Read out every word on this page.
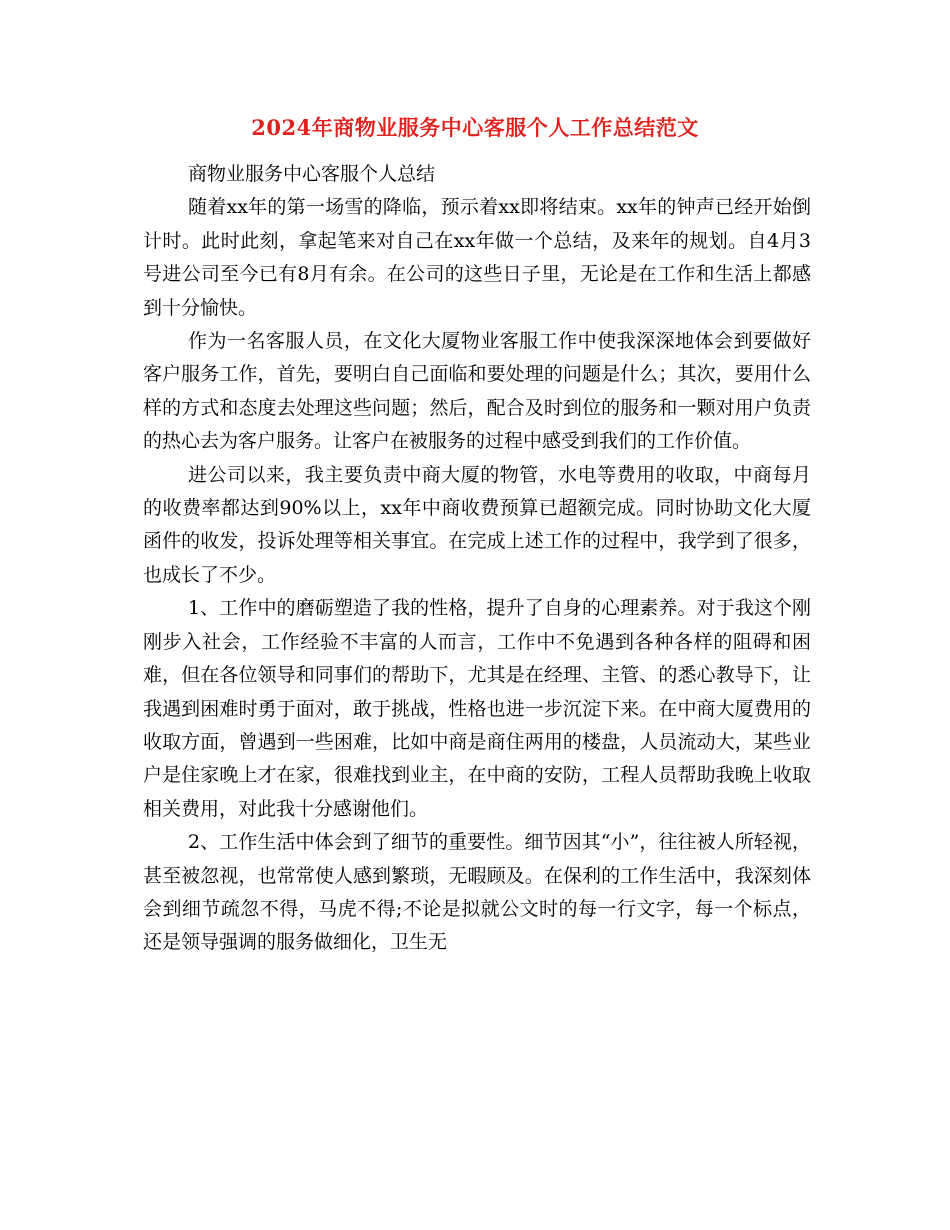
2024年商物业服务中心客服个人工作总结范文

商物业服务中心客服个人总结

随着xx年的第一场雪的降临，预示着xx即将结束。xx年的钟声已经开始倒计时。此时此刻，拿起笔来对自己在xx年做一个总结，及来年的规划。自4月3号进公司至今已有8月有余。在公司的这些日子里，无论是在工作和生活上都感到十分愉快。

作为一名客服人员，在文化大厦物业客服工作中使我深深地体会到要做好客户服务工作，首先，要明白自己面临和要处理的问题是什么；其次，要用什么样的方式和态度去处理这些问题；然后，配合及时到位的服务和一颗对用户负责的热心去为客户服务。让客户在被服务的过程中感受到我们的工作价值。

进公司以来，我主要负责中商大厦的物管，水电等费用的收取，中商每月的收费率都达到90%以上，xx年中商收费预算已超额完成。同时协助文化大厦函件的收发，投诉处理等相关事宜。在完成上述工作的过程中，我学到了很多，也成长了不少。

1、工作中的磨砺塑造了我的性格，提升了自身的心理素养。对于我这个刚刚步入社会，工作经验不丰富的人而言，工作中不免遇到各种各样的阻碍和困难，但在各位领导和同事们的帮助下，尤其是在经理、主管、的悉心教导下，让我遇到困难时勇于面对，敢于挑战，性格也进一步沉淀下来。在中商大厦费用的收取方面，曾遇到一些困难，比如中商是商住两用的楼盘，人员流动大，某些业户是住家晚上才在家，很难找到业主，在中商的安防，工程人员帮助我晚上收取相关费用，对此我十分感谢他们。

2、工作生活中体会到了细节的重要性。细节因其“小”，往往被人所轻视，甚至被忽视，也常常使人感到繁琐，无暇顾及。在保利的工作生活中，我深刻体会到细节疏忽不得，马虎不得;不论是拟就公文时的每一行文字，每一个标点，还是领导强调的服务做细化，卫生无
